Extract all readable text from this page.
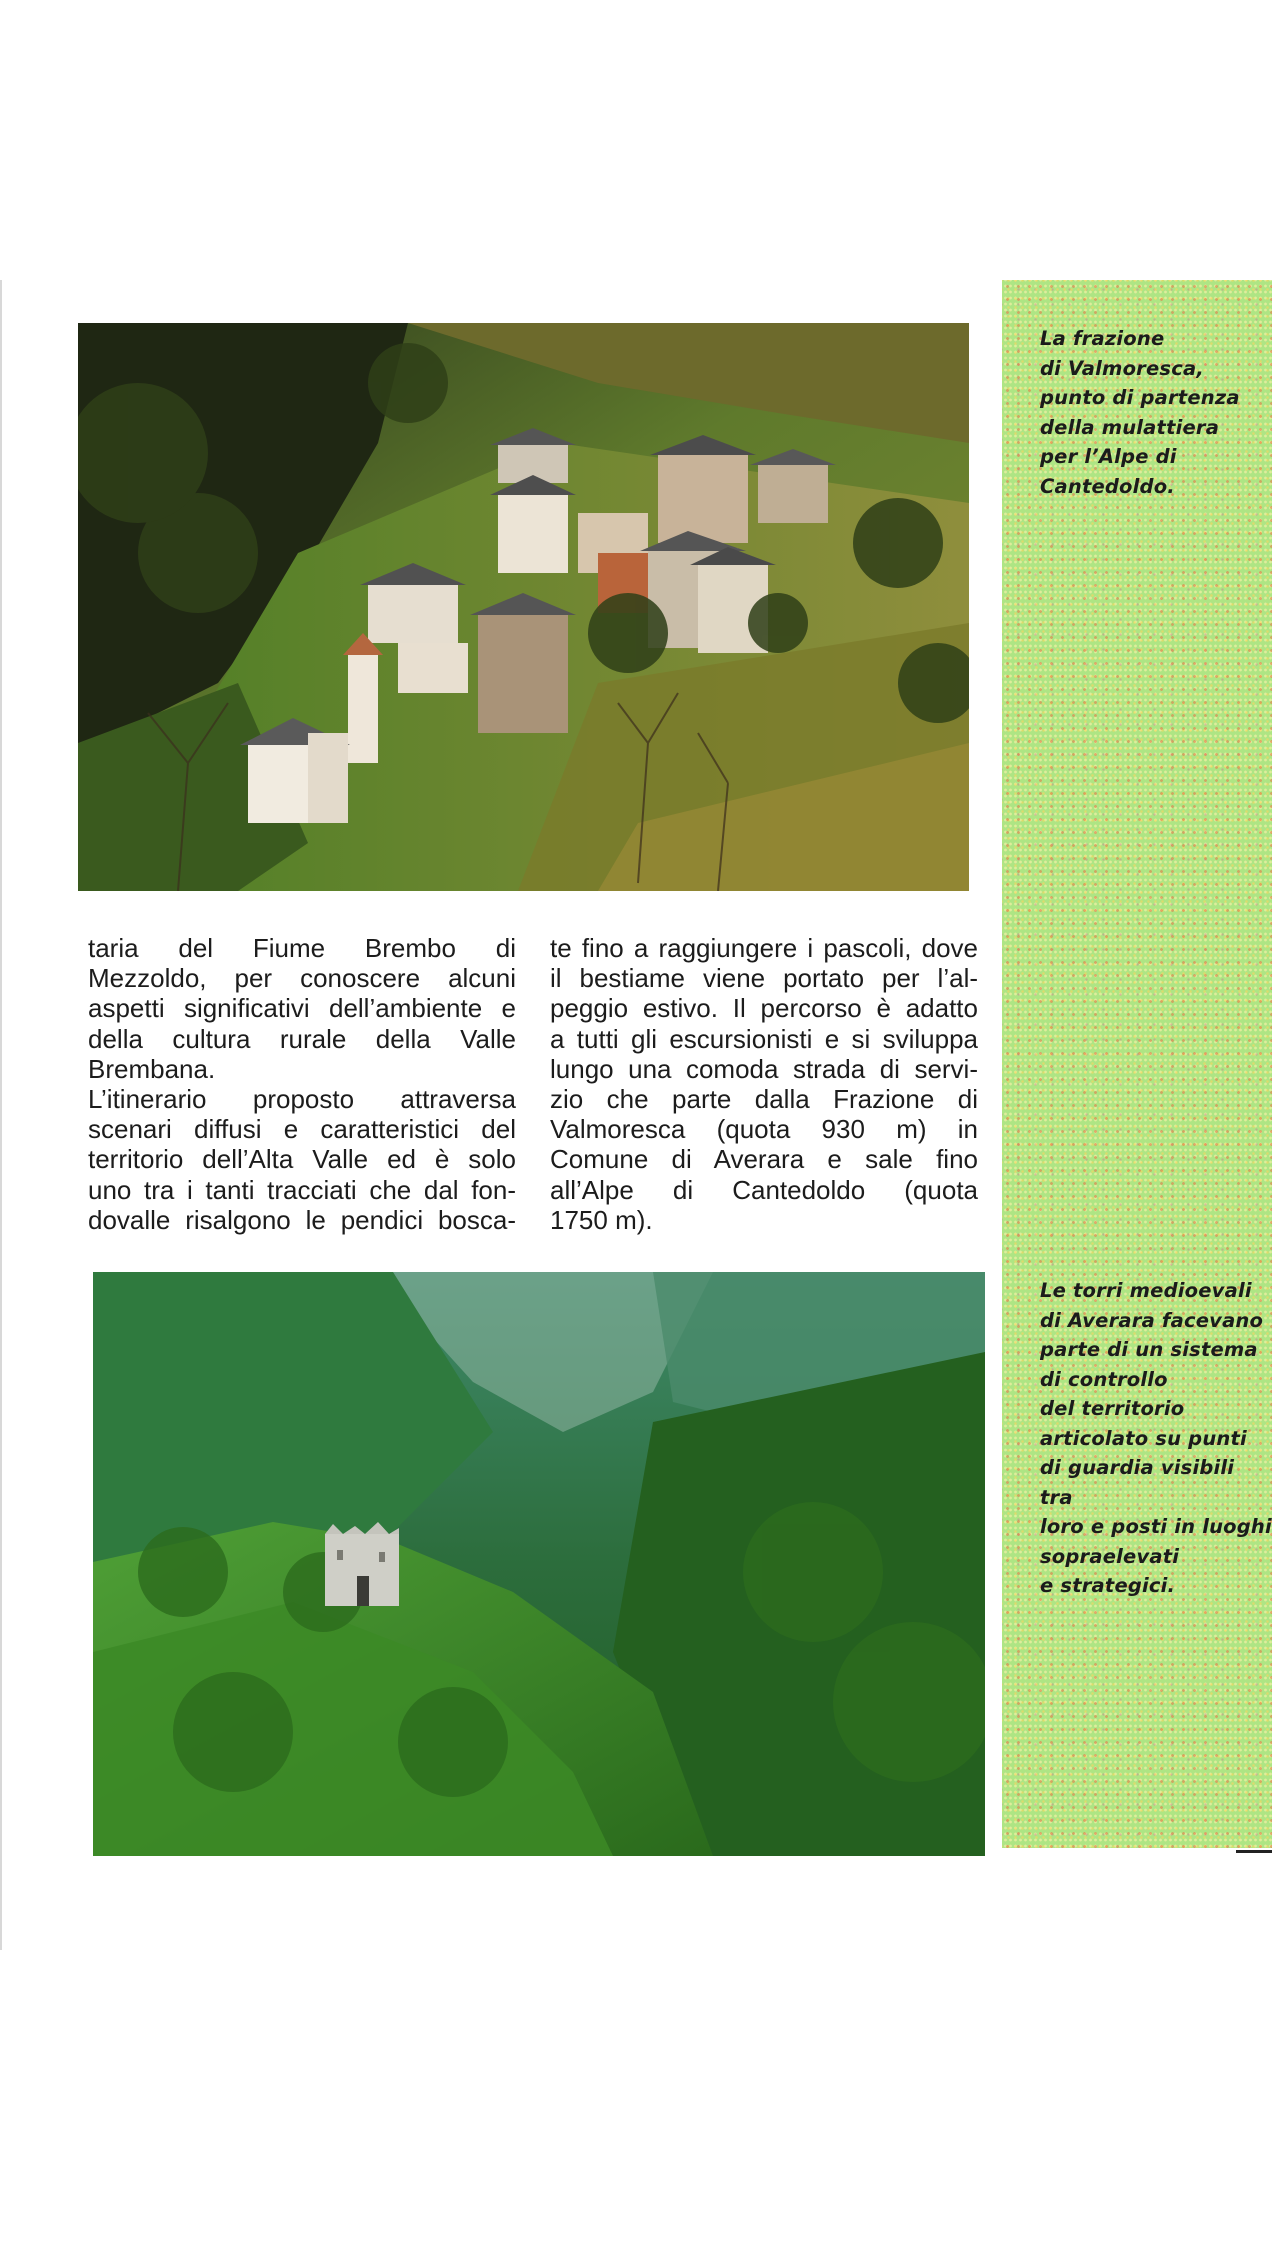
taria del Fiume Brembo di
Mezzoldo, per conoscere alcuni
aspetti significativi dell’ambiente e
della cultura rurale della Valle
Brembana.
L’itinerario proposto attraversa
scenari diffusi e caratteristici del
territorio dell’Alta Valle ed è solo
uno tra i tanti tracciati che dal fon-
dovalle risalgono le pendici bosca-

te fino a raggiungere i pascoli, dove
il bestiame viene portato per l’al-
peggio estivo. Il percorso è adatto
a tutti gli escursionisti e si sviluppa
lungo una comoda strada di servi-
zio che parte dalla Frazione di
Valmoresca (quota 930 m) in
Comune di Averara e sale fino
all’Alpe di Cantedoldo (quota
1750 m).

La frazione
di Valmoresca,
punto di partenza
della mulattiera
per l’Alpe di
Cantedoldo.

Le torri medioevali
di Averara facevano
parte di un sistema
di controllo
del territorio
articolato su punti
di guardia visibili tra
loro e posti in luoghi
sopraelevati
e strategici.
